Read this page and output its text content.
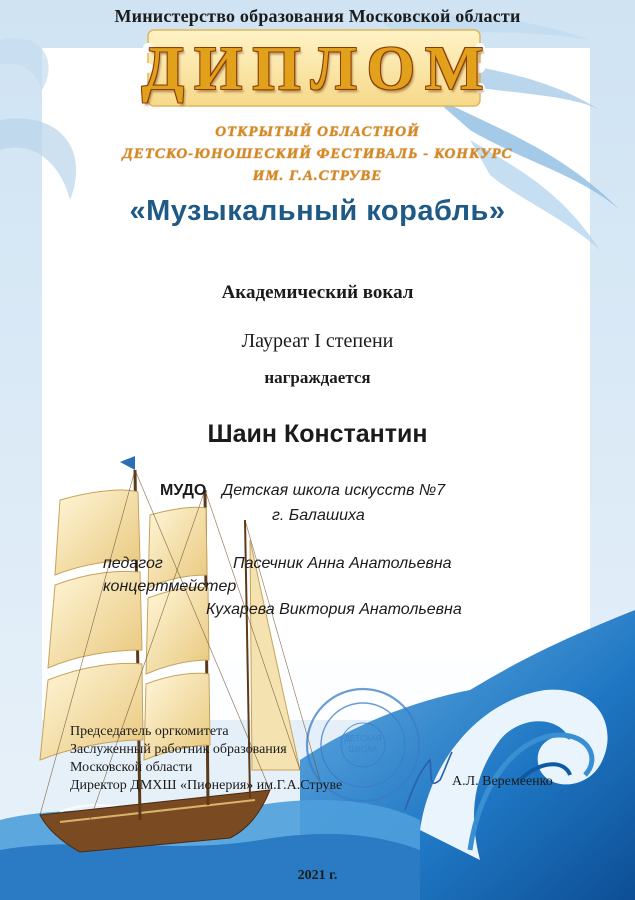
ДЕТСКАЯ
ШКОЛА
Министерство образования Московской области
ДИПЛОМ
ОТКРЫТЫЙ ОБЛАСТНОЙ
ДЕТСКО-ЮНОШЕСКИЙ ФЕСТИВАЛЬ - КОНКУРС
ИМ. Г.А.СТРУВЕ
«Музыкальный корабль»
Академический вокал
Лауреат I степени
награждается
Шаин Константин
МУДО Детская школа искусств №7
г. Балашиха
педагог	Пасечник Анна Анатольевна
концертмейстер
Кухарева Виктория Анатольевна
Председатель оргкомитета
Заслуженный работник образования
Московской области
Директор ДМХШ «Пионерия» им.Г.А.Струве	А.Л. Веремеенко
2021 г.
